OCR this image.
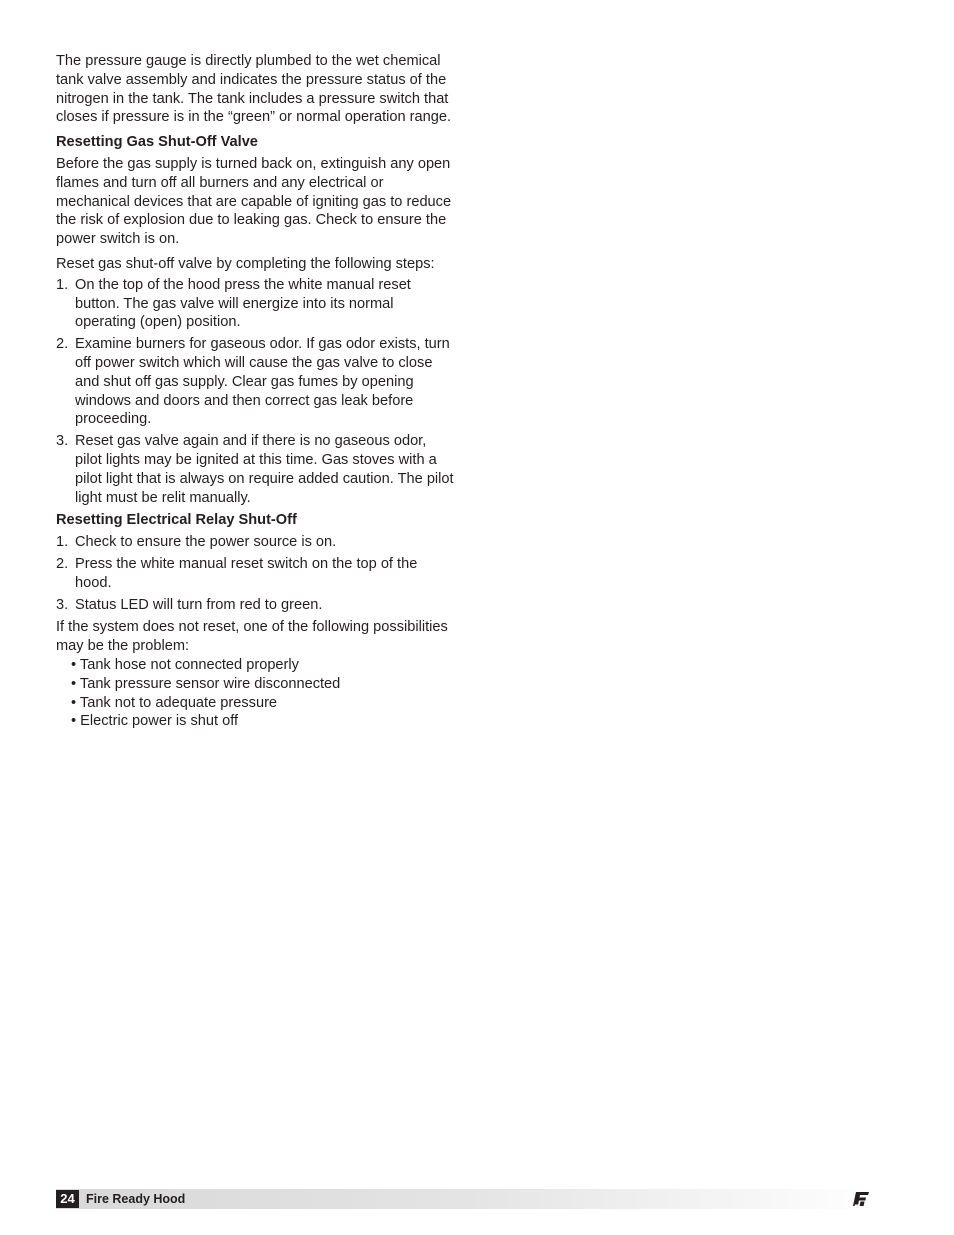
The pressure gauge is directly plumbed to the wet chemical tank valve assembly and indicates the pressure status of the nitrogen in the tank. The tank includes a pressure switch that closes if pressure is in the “green” or normal operation range.

Resetting Gas Shut-Off Valve

Before the gas supply is turned back on, extinguish any open flames and turn off all burners and any electrical or mechanical devices that are capable of igniting gas to reduce the risk of explosion due to leaking gas. Check to ensure the power switch is on.

Reset gas shut-off valve by completing the following steps:

1. On the top of the hood press the white manual reset button. The gas valve will energize into its normal operating (open) position.
2. Examine burners for gaseous odor. If gas odor exists, turn off power switch which will cause the gas valve to close and shut off gas supply. Clear gas fumes by opening windows and doors and then correct gas leak before proceeding.
3. Reset gas valve again and if there is no gaseous odor, pilot lights may be ignited at this time. Gas stoves with a pilot light that is always on require added caution. The pilot light must be relit manually.
Resetting Electrical Relay Shut-Off
1. Check to ensure the power source is on.
2. Press the white manual reset switch on the top of the hood.
3. Status LED will turn from red to green.

If the system does not reset, one of the following possibilities may be the problem:

• Tank hose not connected properly
• Tank pressure sensor wire disconnected
• Tank not to adequate pressure
• Electric power is shut off
24 Fire Ready Hood
